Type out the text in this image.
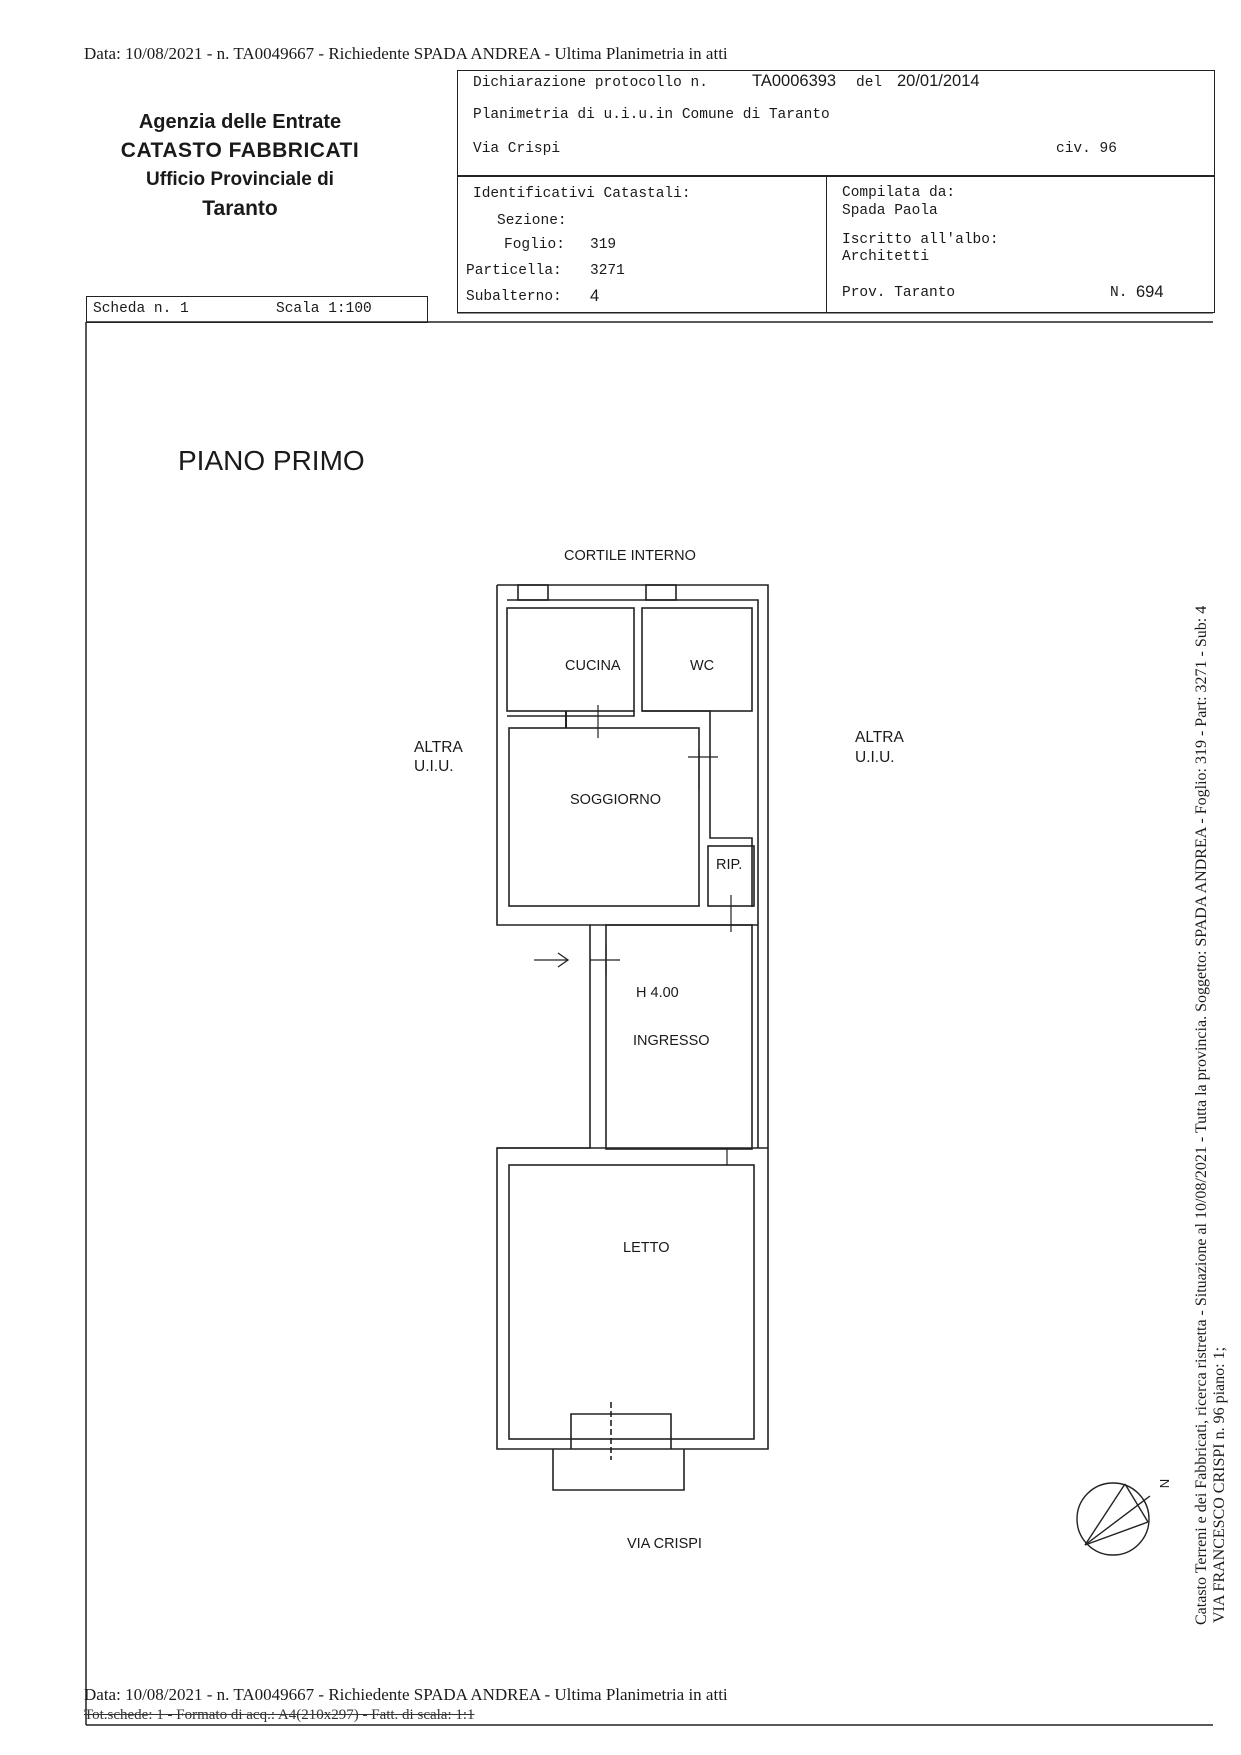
Data: 10/08/2021 - n. TA0049667 - Richiedente SPADA ANDREA - Ultima Planimetria in atti
Agenzia delle Entrate
CATASTO FABBRICATI
Ufficio Provinciale di
Taranto
Dichiarazione protocollo n.	TA0006393 del 20/01/2014
Planimetria di u.i.u.in Comune di Taranto
Via Crispi	civ. 96
Identificativi Catastali:
Sezione:
Foglio: 319
Particella: 3271
Subalterno: 4
Compilata da:
Spada Paola
Iscritto all'albo:
Architetti
Prov. Taranto	N. 694
Scheda n. 1	Scala 1:100
PIANO PRIMO
CORTILE INTERNO
ALTRA
U.I.U.
ALTRA
U.I.U.
CUCINA	WC
SOGGIORNO
RIP.
H 4.00
INGRESSO
LETTO
VIA CRISPI
N Catasto Terreni e dei Fabbricati, ricerca ristretta - Situazione al 10/08/2021 - Tutta la provincia. Soggetto: SPADA ANDREA - Foglio: 319 - Part: 3271 - Sub: 4 VIA FRANCESCO CRISPI n. 96 piano: 1;
Data: 10/08/2021 - n. TA0049667 - Richiedente SPADA ANDREA - Ultima Planimetria in atti
Tot.schede: 1 - Formato di acq.: A4(210x297) - Fatt. di scala: 1:1
